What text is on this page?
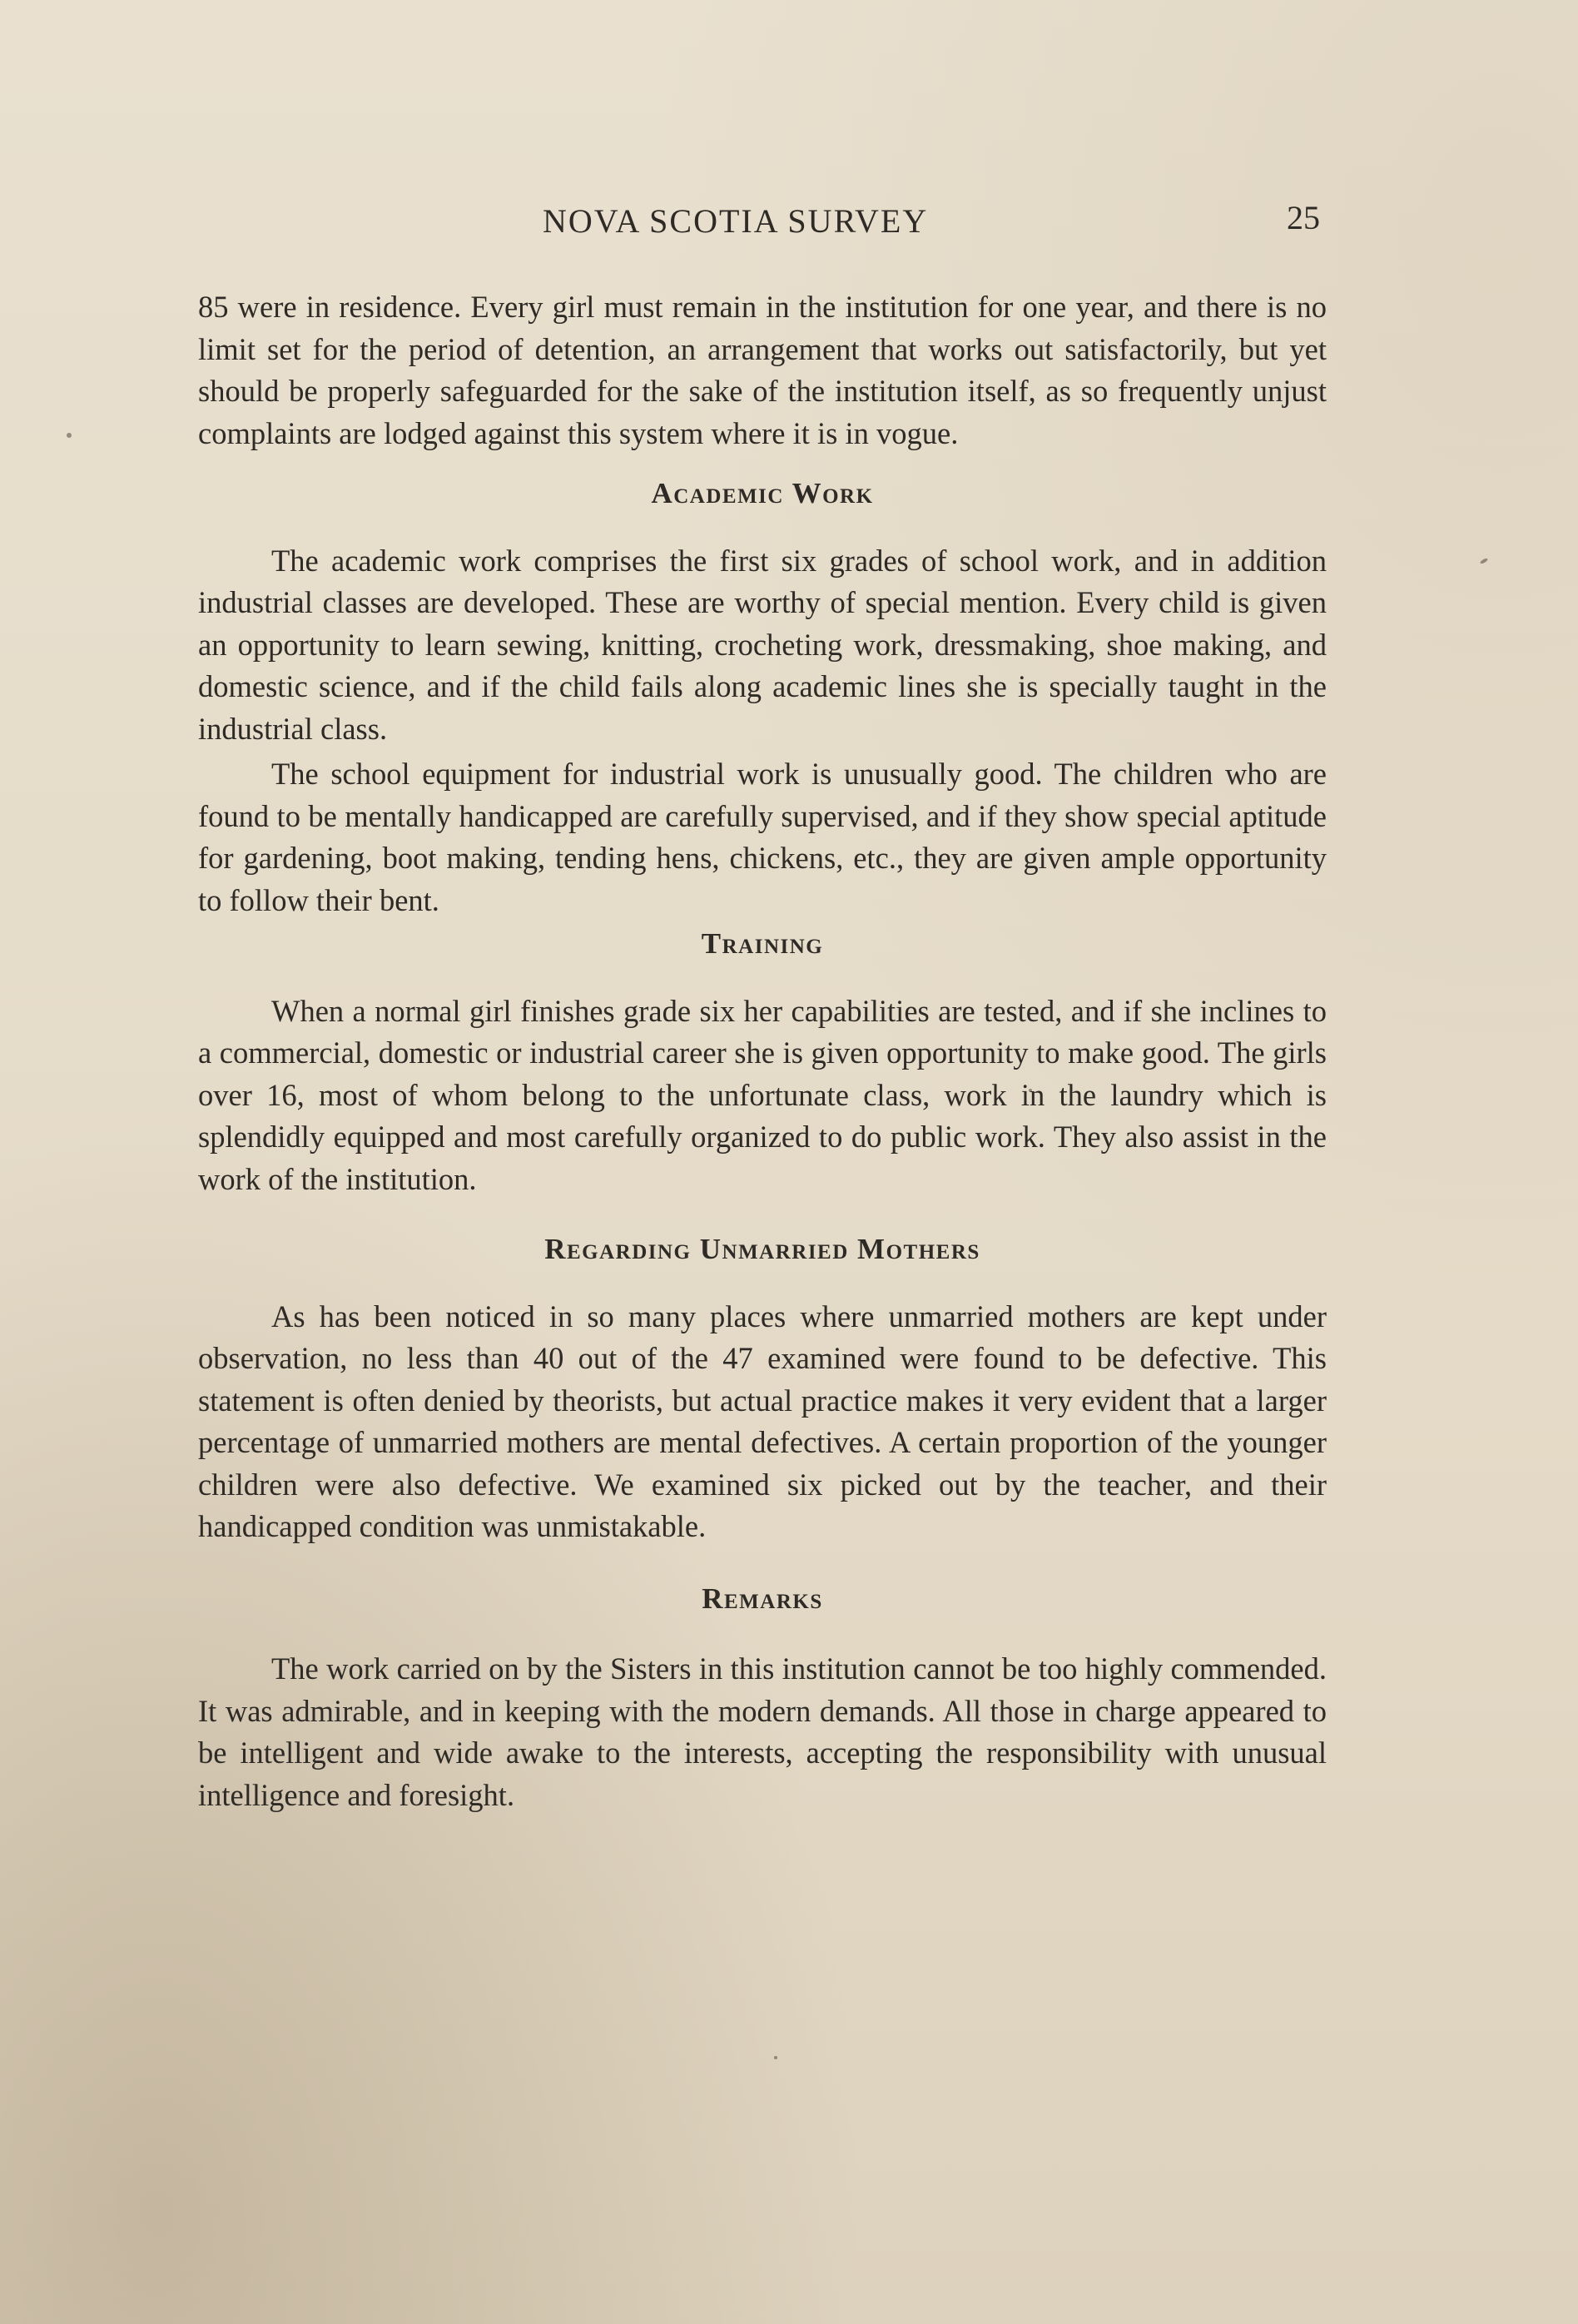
NOVA SCOTIA SURVEY	25

85 were in residence. Every girl must remain in the institution for one year, and there is no limit set for the period of detention, an arrangement that works out satisfactorily, but yet should be properly safeguarded for the sake of the institution itself, as so frequently unjust complaints are lodged against this system where it is in vogue.

Academic Work

The academic work comprises the first six grades of school work, and in addition industrial classes are developed. These are worthy of special mention. Every child is given an opportunity to learn sewing, knitting, crocheting work, dressmaking, shoe making, and domestic science, and if the child fails along academic lines she is specially taught in the industrial class.

The school equipment for industrial work is unusually good. The children who are found to be mentally handicapped are carefully supervised, and if they show special aptitude for gardening, boot making, tending hens, chickens, etc., they are given ample opportunity to follow their bent.

Training

When a normal girl finishes grade six her capabilities are tested, and if she inclines to a commercial, domestic or industrial career she is given opportunity to make good. The girls over 16, most of whom belong to the unfortunate class, work in the laundry which is splendidly equipped and most carefully organized to do public work. They also assist in the work of the institution.

Regarding Unmarried Mothers

As has been noticed in so many places where unmarried mothers are kept under observation, no less than 40 out of the 47 examined were found to be defective. This statement is often denied by theorists, but actual practice makes it very evident that a larger percentage of unmarried mothers are mental defectives. A certain proportion of the younger children were also defective. We examined six picked out by the teacher, and their handicapped condition was unmistakable.

Remarks

The work carried on by the Sisters in this institution cannot be too highly commended. It was admirable, and in keeping with the modern demands. All those in charge appeared to be intelligent and wide awake to the interests, accepting the responsibility with unusual intelligence and foresight.
